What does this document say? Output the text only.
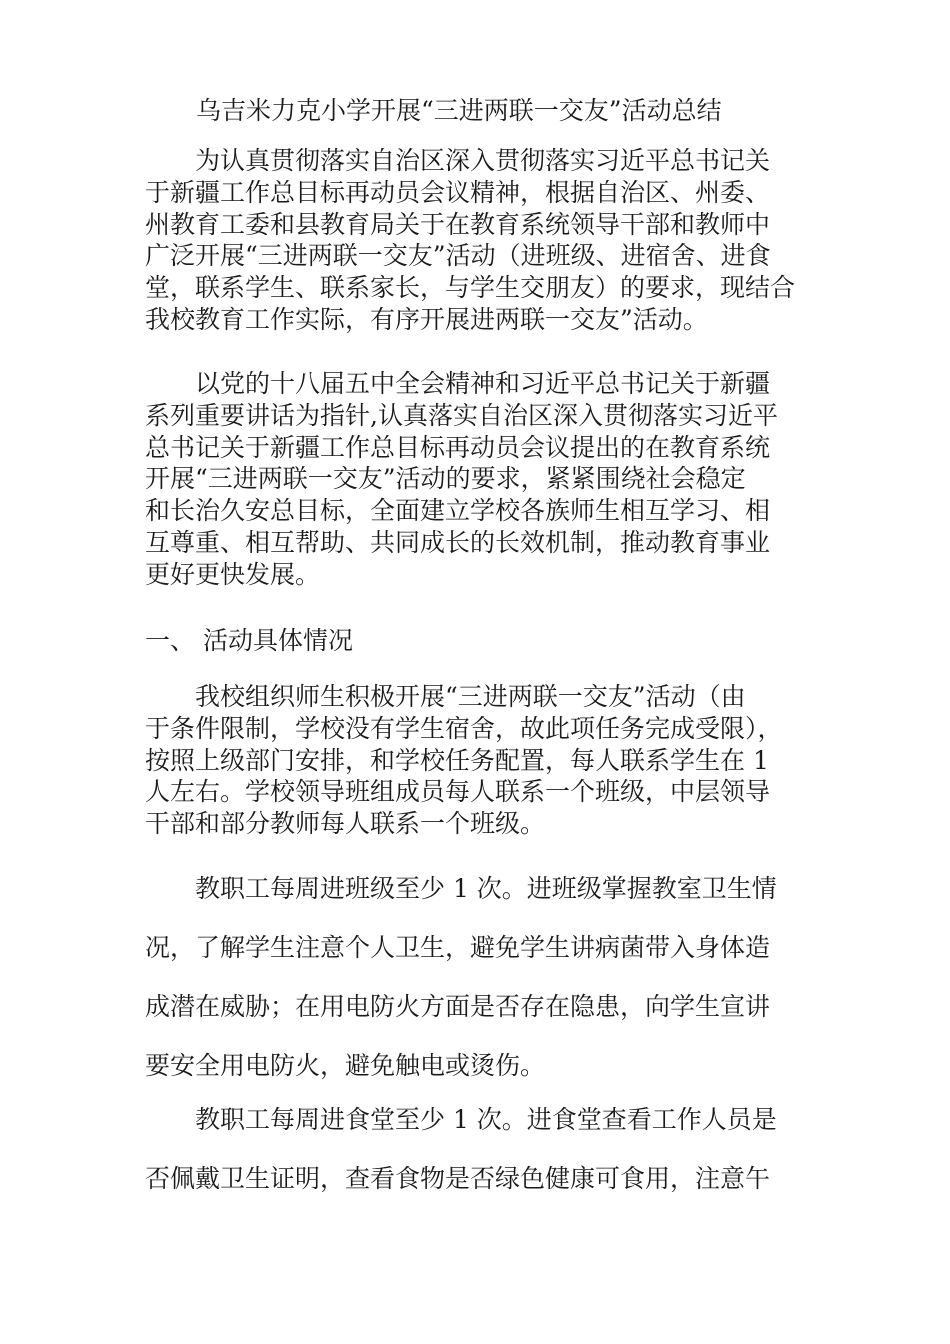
乌吉米力克小学开展“三进两联一交友”活动总结

为认真贯彻落实自治区深入贯彻落实习近平总书记关
于新疆工作总目标再动员会议精神，根据自治区、州委、
州教育工委和县教育局关于在教育系统领导干部和教师中
广泛开展“三进两联一交友”活动（进班级、进宿舍、进食
堂，联系学生、联系家长，与学生交朋友）的要求，现结合
我校教育工作实际，有序开展进两联一交友”活动。

以党的十八届五中全会精神和习近平总书记关于新疆
系列重要讲话为指针,认真落实自治区深入贯彻落实习近平
总书记关于新疆工作总目标再动员会议提出的在教育系统
开展“三进两联一交友”活动的要求，紧紧围绕社会稳定
和长治久安总目标，全面建立学校各族师生相互学习、相
互尊重、相互帮助、共同成长的长效机制，推动教育事业
更好更快发展。

一、 活动具体情况

我校组织师生积极开展“三进两联一交友”活动（由
于条件限制，学校没有学生宿舍，故此项任务完成受限），
按照上级部门安排，和学校任务配置，每人联系学生在 1
人左右。学校领导班组成员每人联系一个班级，中层领导
干部和部分教师每人联系一个班级。

教职工每周进班级至少 1 次。进班级掌握教室卫生情
况，了解学生注意个人卫生，避免学生讲病菌带入身体造
成潜在威胁；在用电防火方面是否存在隐患，向学生宣讲
要安全用电防火，避免触电或烫伤。

教职工每周进食堂至少 1 次。进食堂查看工作人员是
否佩戴卫生证明，查看食物是否绿色健康可食用，注意午
